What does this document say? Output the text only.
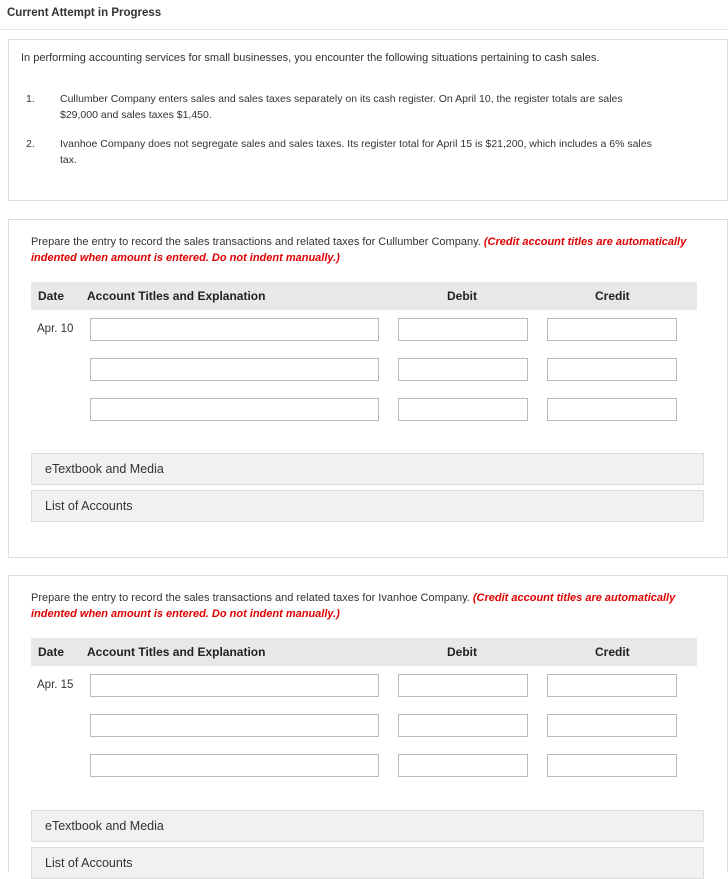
Current Attempt in Progress
In performing accounting services for small businesses, you encounter the following situations pertaining to cash sales.
1. Cullumber Company enters sales and sales taxes separately on its cash register. On April 10, the register totals are sales
$29,000 and sales taxes $1,450.
2. Ivanhoe Company does not segregate sales and sales taxes. Its register total for April 15 is $21,200, which includes a 6% sales
tax.
Prepare the entry to record the sales transactions and related taxes for Cullumber Company. (Credit account titles are automatically indented when amount is entered. Do not indent manually.)
Date Account Titles and Explanation	Debit	Credit
Apr. 10
eTextbook and Media
List of Accounts
Prepare the entry to record the sales transactions and related taxes for Ivanhoe Company. (Credit account titles are automatically indented when amount is entered. Do not indent manually.)
Date Account Titles and Explanation	Debit	Credit
Apr. 15
eTextbook and Media
List of Accounts
